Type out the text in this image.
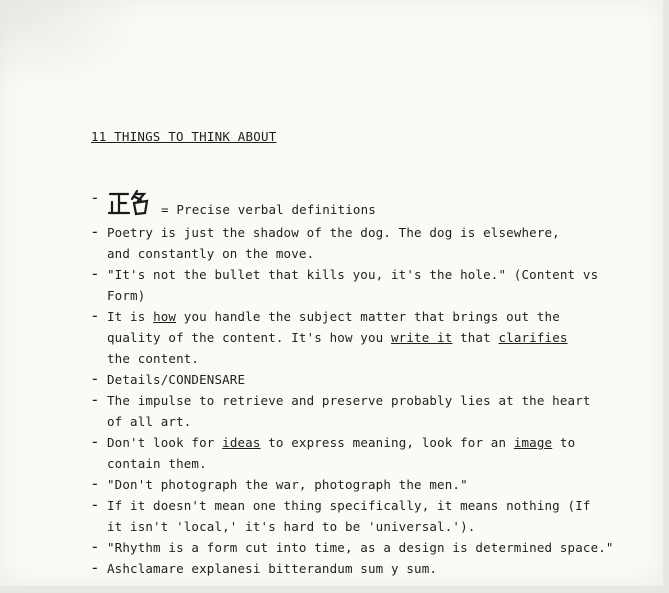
11 THINGS TO THINK ABOUT
-
= Precise verbal definitions
- Poetry is just the shadow of the dog. The dog is elsewhere,
and constantly on the move.
- "It's not the bullet that kills you, it's the hole." (Content vs
Form)
- It is how you handle the subject matter that brings out the
quality of the content. It's how you write it that clarifies
the content.
- Details/CONDENSARE
- The impulse to retrieve and preserve probably lies at the heart
of all art.
- Don't look for ideas to express meaning, look for an image to
contain them.
- "Don't photograph the war, photograph the men."
- If it doesn't mean one thing specifically, it means nothing (If
it isn't 'local,' it's hard to be 'universal.').
- "Rhythm is a form cut into time, as a design is determined space."
- Ashclamare explanesi bitterandum sum y sum.
